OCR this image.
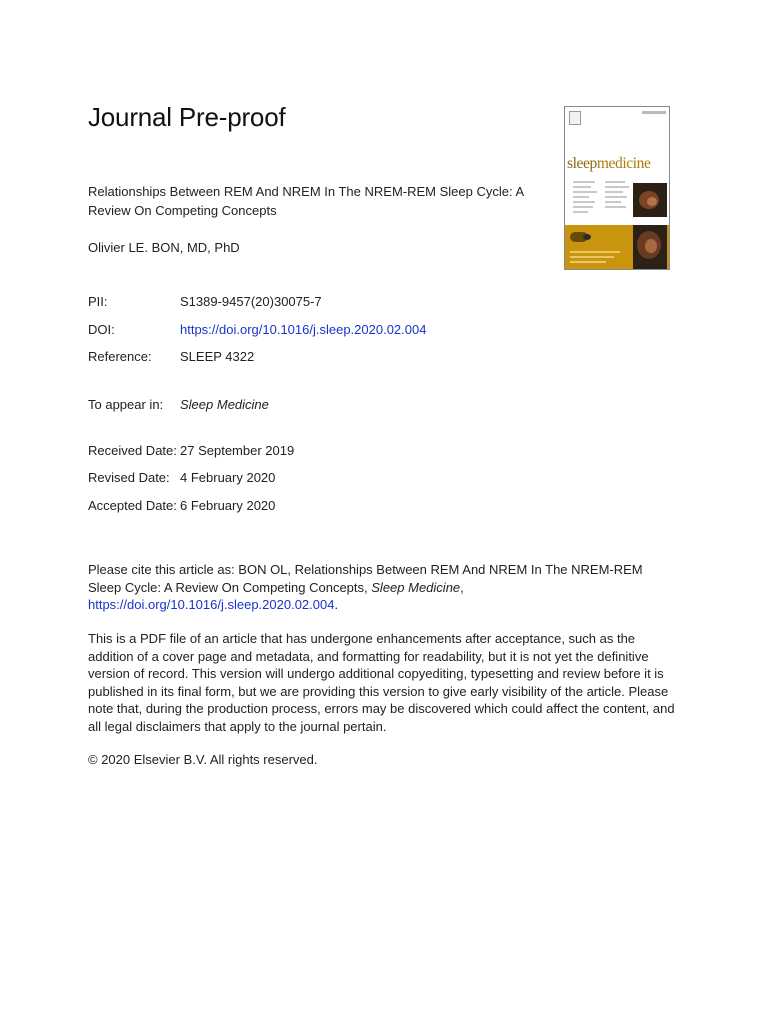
Journal Pre-proof
sleepmedicine
Relationships Between REM And NREM In The NREM-REM Sleep Cycle: A Review On Competing Concepts
Olivier LE. BON, MD, PhD
PII:	S1389-9457(20)30075-7
DOI:	https://doi.org/10.1016/j.sleep.2020.02.004
Reference: SLEEP 4322
To appear in: Sleep Medicine
Received Date: 27 September 2019
Revised Date: 4 February 2020
Accepted Date: 6 February 2020
Please cite this article as: BON OL, Relationships Between REM And NREM In The NREM-REM Sleep Cycle: A Review On Competing Concepts, Sleep Medicine, https://doi.org/10.1016/j.sleep.2020.02.004.
This is a PDF file of an article that has undergone enhancements after acceptance, such as the addition of a cover page and metadata, and formatting for readability, but it is not yet the definitive version of record. This version will undergo additional copyediting, typesetting and review before it is published in its final form, but we are providing this version to give early visibility of the article. Please note that, during the production process, errors may be discovered which could affect the content, and all legal disclaimers that apply to the journal pertain.
© 2020 Elsevier B.V. All rights reserved.
